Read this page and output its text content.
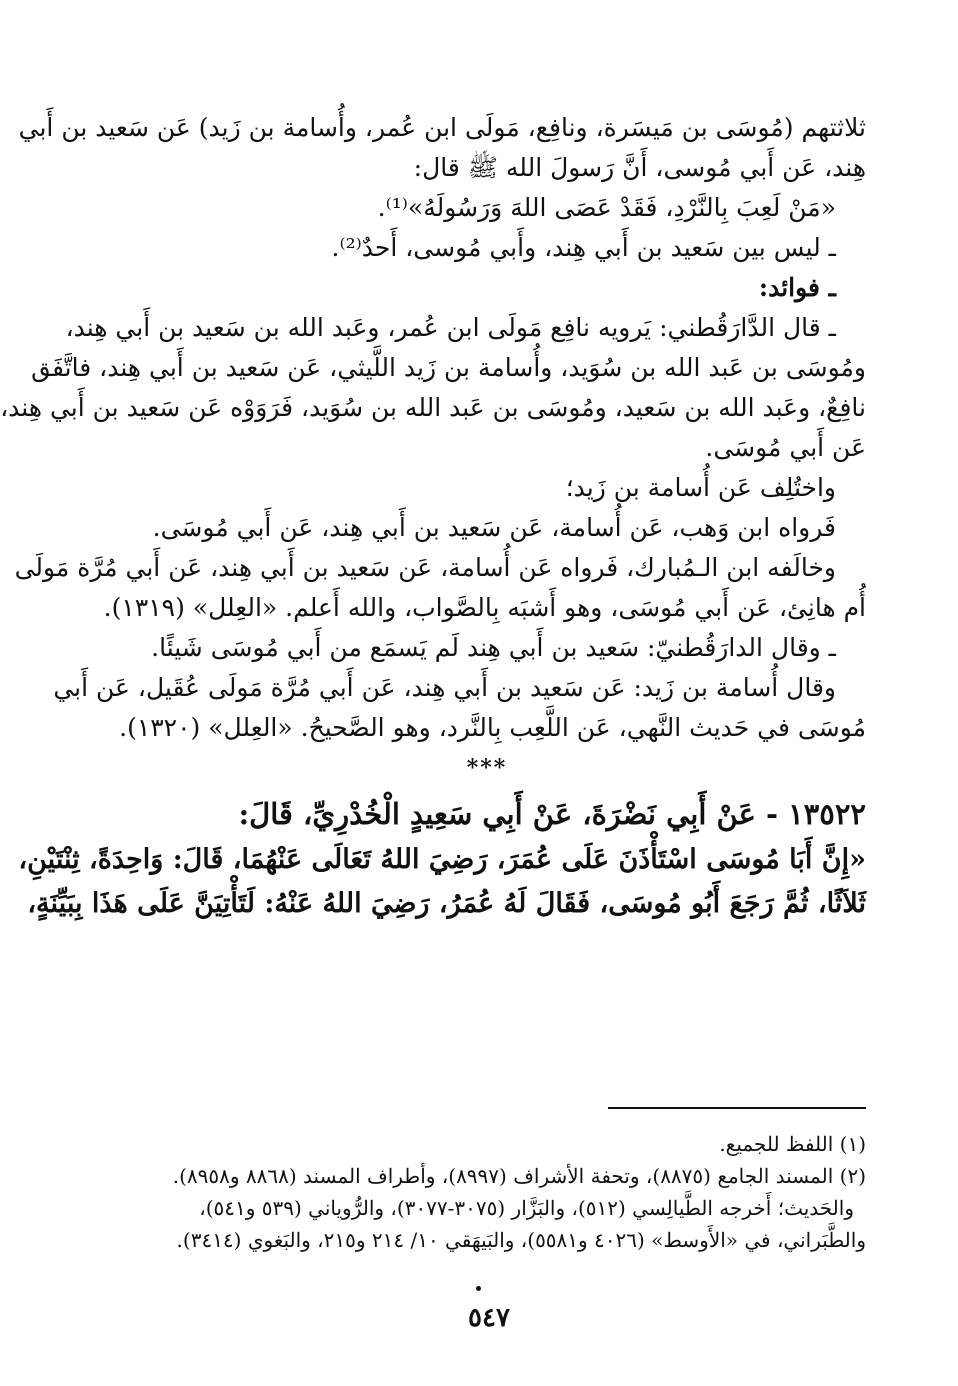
ثلاثتهم (مُوسَى بن مَيسَرة، ونافِع، مَولَى ابن عُمر، وأُسامة بن زَيد) عَن سَعيد بن أَبي
هِند، عَن أَبي مُوسى، أَنَّ رَسولَ الله ﷺ قال:
«مَنْ لَعِبَ بِالنَّرْدِ، فَقَدْ عَصَى اللهَ وَرَسُولَهُ»⁽¹⁾.
ـ ليس بين سَعيد بن أَبي هِند، وأَبي مُوسى، أَحدٌ⁽²⁾.
ـ فوائد:
ـ قال الدَّارَقُطني: يَرويه نافِع مَولَى ابن عُمر، وعَبد الله بن سَعيد بن أَبي هِند،
ومُوسَى بن عَبد الله بن سُوَيد، وأُسامة بن زَيد اللَّيثي، عَن سَعيد بن أَبي هِند، فاتَّفَق
نافِعٌ، وعَبد الله بن سَعيد، ومُوسَى بن عَبد الله بن سُوَيد، فَرَوَوْه عَن سَعيد بن أَبي هِند،
عَن أَبي مُوسَى.
واختُلِف عَن أُسامة بن زَيد؛
فَرواه ابن وَهب، عَن أُسامة، عَن سَعيد بن أَبي هِند، عَن أَبي مُوسَى.
وخالَفه ابن الـمُبارك، فَرواه عَن أُسامة، عَن سَعيد بن أَبي هِند، عَن أَبي مُرَّة مَولَى
أُم هانِئ، عَن أَبي مُوسَى، وهو أَشبَه بِالصَّواب، والله أَعلم. «العِلل» (١٣١٩).
ـ وقال الدارَقُطنيّ: سَعيد بن أَبي هِند لَم يَسمَع من أَبي مُوسَى شَيئًا.
وقال أُسامة بن زَيد: عَن سَعيد بن أَبي هِند، عَن أَبي مُرَّة مَولَى عُقَيل، عَن أَبي
مُوسَى في حَديث النَّهي، عَن اللَّعِب بِالنَّرد، وهو الصَّحيحُ. «العِلل» (١٣٢٠).
***
١٣٥٢٢ - عَنْ أَبِي نَضْرَةَ، عَنْ أَبِي سَعِيدٍ الْخُدْرِيِّ، قَالَ:
«إِنَّ أَبَا مُوسَى اسْتَأْذَنَ عَلَى عُمَرَ، رَضِيَ اللهُ تَعَالَى عَنْهُمَا، قَالَ: وَاحِدَةً، ثِنْتَيْنِ،
ثَلاَثًا، ثُمَّ رَجَعَ أَبُو مُوسَى، فَقَالَ لَهُ عُمَرُ، رَضِيَ اللهُ عَنْهُ: لَتَأْتِيَنَّ عَلَى هَذَا بِبَيِّنَةٍ،
(١) اللفظ للجميع.
(٢) المسند الجامع (٨٨٧٥)، وتحفة الأشراف (٨٩٩٧)، وأطراف المسند (٨٨٦٨ و٨٩٥٨).
والحَديث؛ أَخرجه الطَّيالِسي (٥١٢)، والبَزَّار (٣٠٧٥-٣٠٧٧)، والرُّوياني (٥٣٩ و٥٤١)،
والطَّبَراني، في «الأَوسط» (٤٠٢٦ و٥٥٨١)، والبَيهَقي ١٠/ ٢١٤ و٢١٥، والبَغوي (٣٤١٤).
٥٤٧
